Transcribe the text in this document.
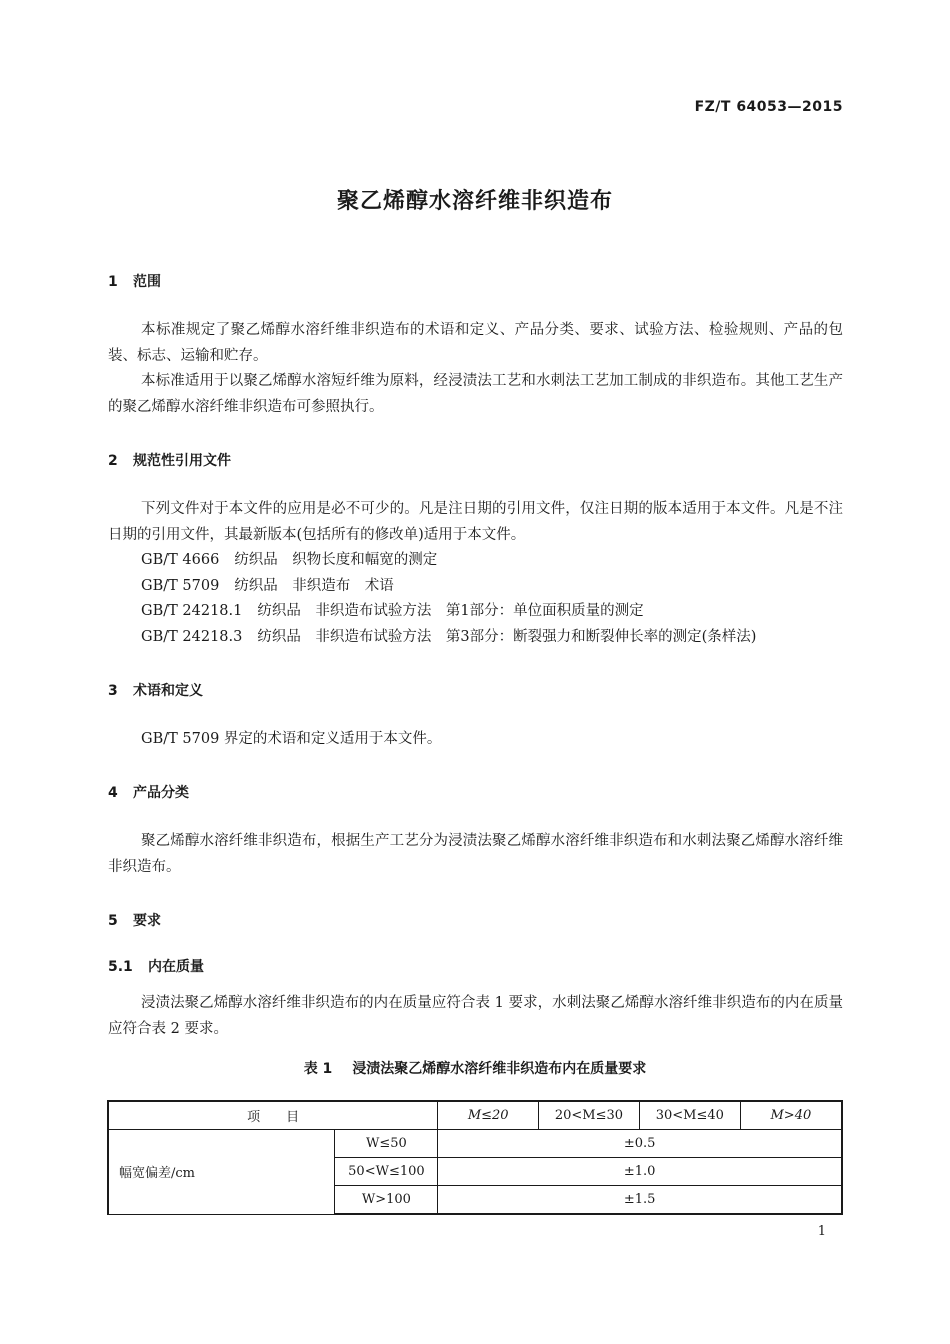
FZ/T 64053—2015
聚乙烯醇水溶纤维非织造布
1 范围

本标准规定了聚乙烯醇水溶纤维非织造布的术语和定义、产品分类、要求、试验方法、检验规则、产品的包装、标志、运输和贮存。

本标准适用于以聚乙烯醇水溶短纤维为原料，经浸渍法工艺和水刺法工艺加工制成的非织造布。其他工艺生产的聚乙烯醇水溶纤维非织造布可参照执行。

2 规范性引用文件

下列文件对于本文件的应用是必不可少的。凡是注日期的引用文件，仅注日期的版本适用于本文件。凡是不注日期的引用文件，其最新版本(包括所有的修改单)适用于本文件。

GB/T 4666 纺织品　织物长度和幅宽的测定
GB/T 5709 纺织品　非织造布　术语
GB/T 24218.1 纺织品　非织造布试验方法　第1部分：单位面积质量的测定
GB/T 24218.3 纺织品　非织造布试验方法　第3部分：断裂强力和断裂伸长率的测定(条样法)
3 术语和定义

GB/T 5709 界定的术语和定义适用于本文件。

4 产品分类

聚乙烯醇水溶纤维非织造布，根据生产工艺分为浸渍法聚乙烯醇水溶纤维非织造布和水刺法聚乙烯醇水溶纤维非织造布。

5 要求
5.1 内在质量

浸渍法聚乙烯醇水溶纤维非织造布的内在质量应符合表 1 要求，水刺法聚乙烯醇水溶纤维非织造布的内在质量应符合表 2 要求。

表 1 浸渍法聚乙烯醇水溶纤维非织造布内在质量要求
项　　目		M≤20	20<M≤30	30<M≤40	M>40
幅宽偏差/cm	W≤50	±0.5			
	50<W≤100	±1.0			
	W>100	±1.5			
1
